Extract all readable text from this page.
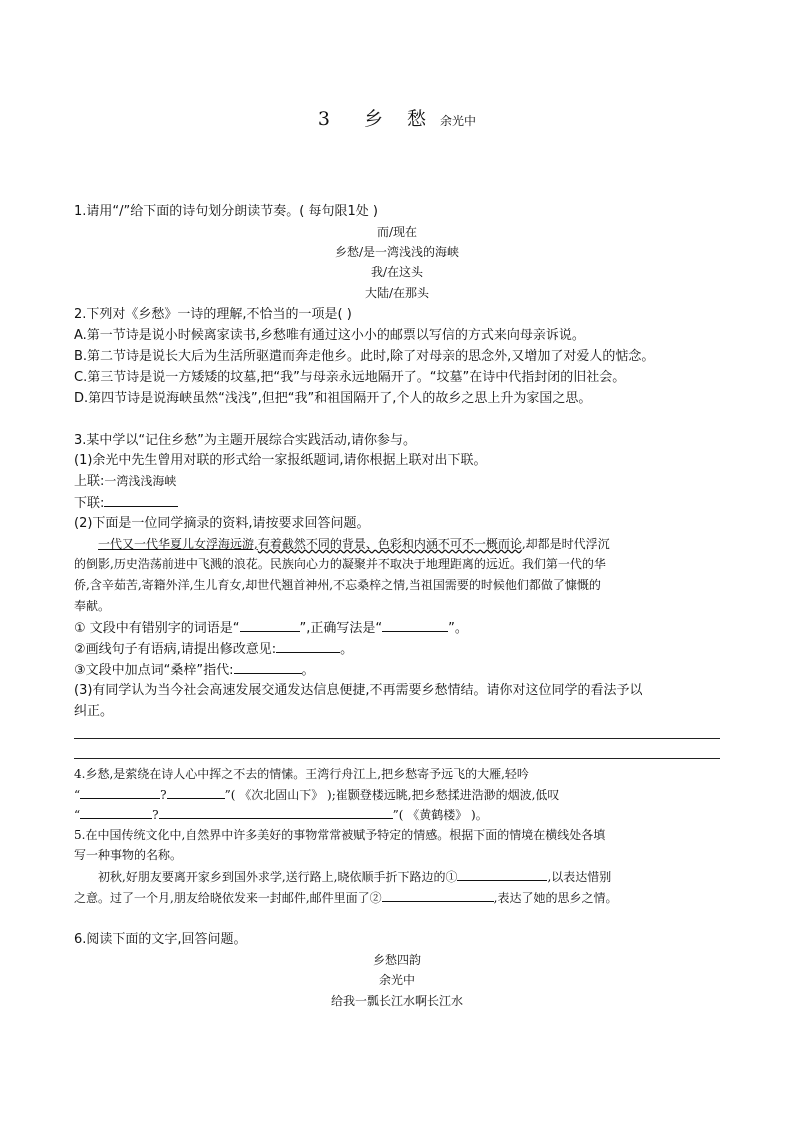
3 乡 愁 余光中
1.请用“/”给下面的诗句划分朗读节奏。( 每句限1处 )
而/现在
乡愁/是一湾浅浅的海峡
我/在这头
大陆/在那头
2.下列对《乡愁》一诗的理解,不恰当的一项是( )
A.第一节诗是说小时候离家读书,乡愁唯有通过这小小的邮票以写信的方式来向母亲诉说。
B.第二节诗是说长大后为生活所驱遣而奔走他乡。此时,除了对母亲的思念外,又增加了对爱人的惦念。
C.第三节诗是说一方矮矮的坟墓,把“我”与母亲永远地隔开了。“坟墓”在诗中代指封闭的旧社会。
D.第四节诗是说海峡虽然“浅浅”,但把“我”和祖国隔开了,个人的故乡之思上升为家国之思。
3.某中学以“记住乡愁”为主题开展综合实践活动,请你参与。
(1)余光中先生曾用对联的形式给一家报纸题词,请你根据上联对出下联。
上联:一湾浅浅海峡
下联:
(2)下面是一位同学摘录的资料,请按要求回答问题。
一代又一代华夏儿女浮海远游,有着截然不同的背景、色彩和内涵不可不一概而论,却都是时代浮沉
的倒影,历史浩荡前进中飞溅的浪花。民族向心力的凝聚并不取决于地理距离的远近。我们第一代的华
侨,含辛茹苦,寄籍外洋,生儿育女,却世代翘首神州,不忘桑梓之情,当祖国需要的时候他们都做了慷慨的
奉献。
① 文段中有错别字的词语是“	”,正确写法是“	”。
②画线句子有语病,请提出修改意见:	。
③文段中加点词“桑梓”指代:	。
(3)有同学认为当今社会高速发展交通发达信息便捷,不再需要乡愁情结。请你对这位同学的看法予以
纠正。
4.乡愁,是萦绕在诗人心中挥之不去的情愫。王湾行舟江上,把乡愁寄予远飞的大雁,轻吟
“	?	”( 《次北固山下》 );崔颢登楼远眺,把乡愁揉进浩渺的烟波,低叹
“	?	”( 《黄鹤楼》 )。
5.在中国传统文化中,自然界中许多美好的事物常常被赋予特定的情感。根据下面的情境在横线处各填
写一种事物的名称。
初秋,好朋友要离开家乡到国外求学,送行路上,晓依顺手折下路边的①	,以表达惜别
之意。过了一个月,朋友给晓依发来一封邮件,邮件里面了②	,表达了她的思乡之情。
6.阅读下面的文字,回答问题。
乡愁四韵
余光中
给我一瓢长江水啊长江水
